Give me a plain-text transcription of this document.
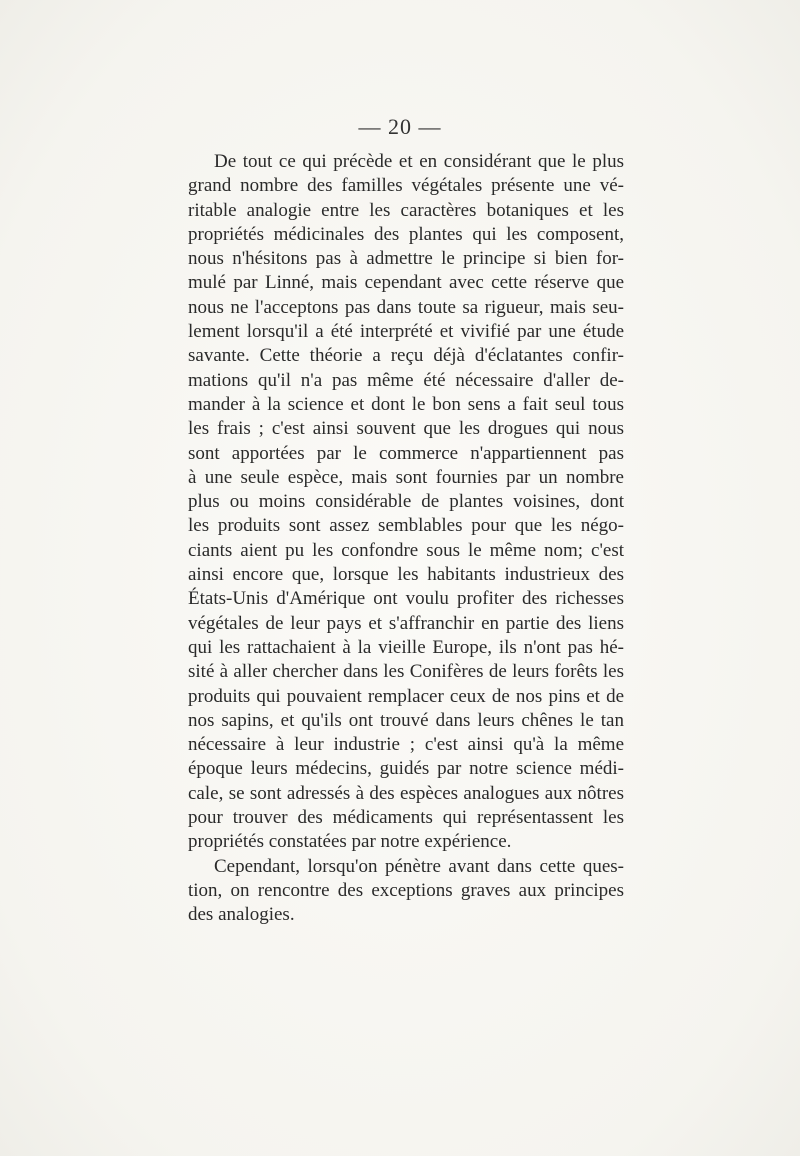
— 20 —

De tout ce qui précède et en considérant que le plus
grand nombre des familles végétales présente une vé-
ritable analogie entre les caractères botaniques et les
propriétés médicinales des plantes qui les composent,
nous n'hésitons pas à admettre le principe si bien for-
mulé par Linné, mais cependant avec cette réserve que
nous ne l'acceptons pas dans toute sa rigueur, mais seu-
lement lorsqu'il a été interprété et vivifié par une étude
savante. Cette théorie a reçu déjà d'éclatantes confir-
mations qu'il n'a pas même été nécessaire d'aller de-
mander à la science et dont le bon sens a fait seul tous
les frais ; c'est ainsi souvent que les drogues qui nous
sont apportées par le commerce n'appartiennent pas
à une seule espèce, mais sont fournies par un nombre
plus ou moins considérable de plantes voisines, dont
les produits sont assez semblables pour que les négo-
ciants aient pu les confondre sous le même nom; c'est
ainsi encore que, lorsque les habitants industrieux des
États-Unis d'Amérique ont voulu profiter des richesses
végétales de leur pays et s'affranchir en partie des liens
qui les rattachaient à la vieille Europe, ils n'ont pas hé-
sité à aller chercher dans les Conifères de leurs forêts les
produits qui pouvaient remplacer ceux de nos pins et de
nos sapins, et qu'ils ont trouvé dans leurs chênes le tan
nécessaire à leur industrie ; c'est ainsi qu'à la même
époque leurs médecins, guidés par notre science médi-
cale, se sont adressés à des espèces analogues aux nôtres
pour trouver des médicaments qui représentassent les
propriétés constatées par notre expérience.

Cependant, lorsqu'on pénètre avant dans cette ques-
tion, on rencontre des exceptions graves aux principes
des analogies.
